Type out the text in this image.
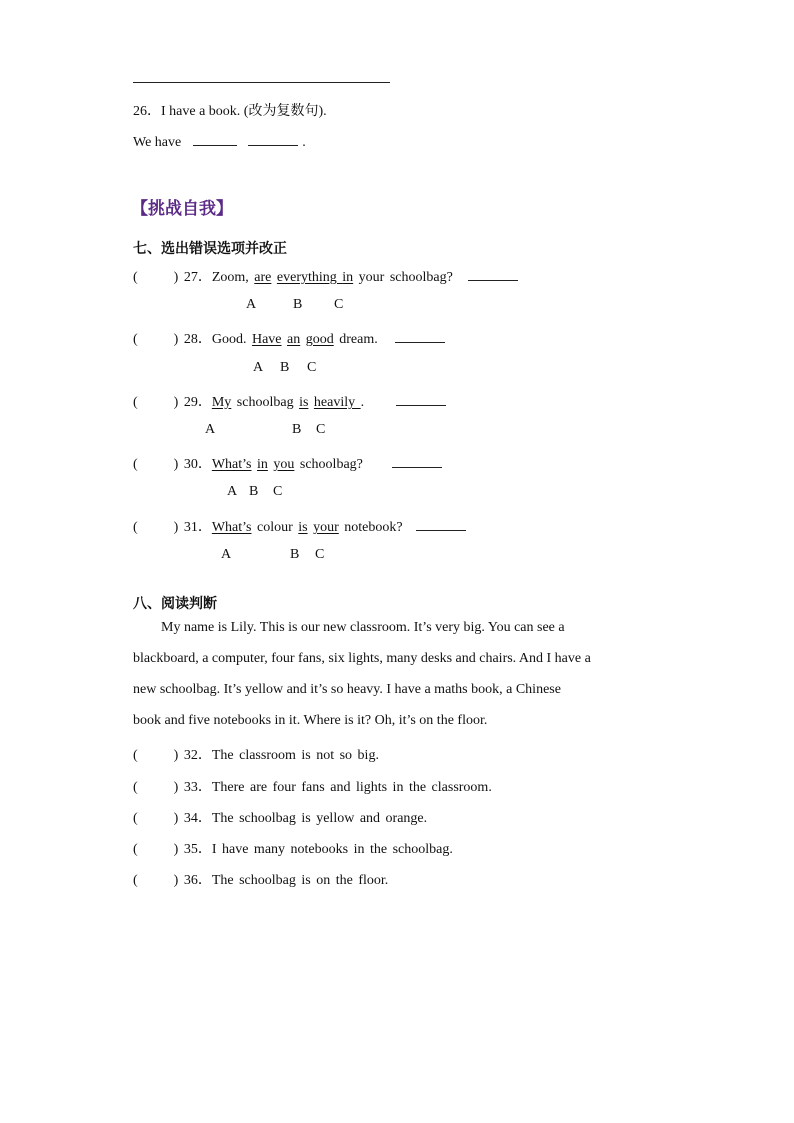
26．I have a book. (改为复数句).
We have	.
【挑战自我】
七、选出错误选项并改正
(	) 27．Zoom, are everything in your schoolbag?
A	B C
(	) 28．Good. Have an good dream.
A B C
(	) 29．My schoolbag is heavily .
A	B C
(	) 30．What’s in you schoolbag?
A B C
(	) 31．What’s colour is your notebook?
A	B C
八、阅读判断
My name is Lily. This is our new classroom. It’s very big. You can see a
blackboard, a computer, four fans, six lights, many desks and chairs. And I have a
new schoolbag. It’s yellow and it’s so heavy. I have a maths book, a Chinese
book and five notebooks in it. Where is it? Oh, it’s on the floor.
(	) 32．The classroom is not so big.
(	) 33．There are four fans and lights in the classroom.
(	) 34．The schoolbag is yellow and orange.
(	) 35．I have many notebooks in the schoolbag.
(	) 36．The schoolbag is on the floor.
